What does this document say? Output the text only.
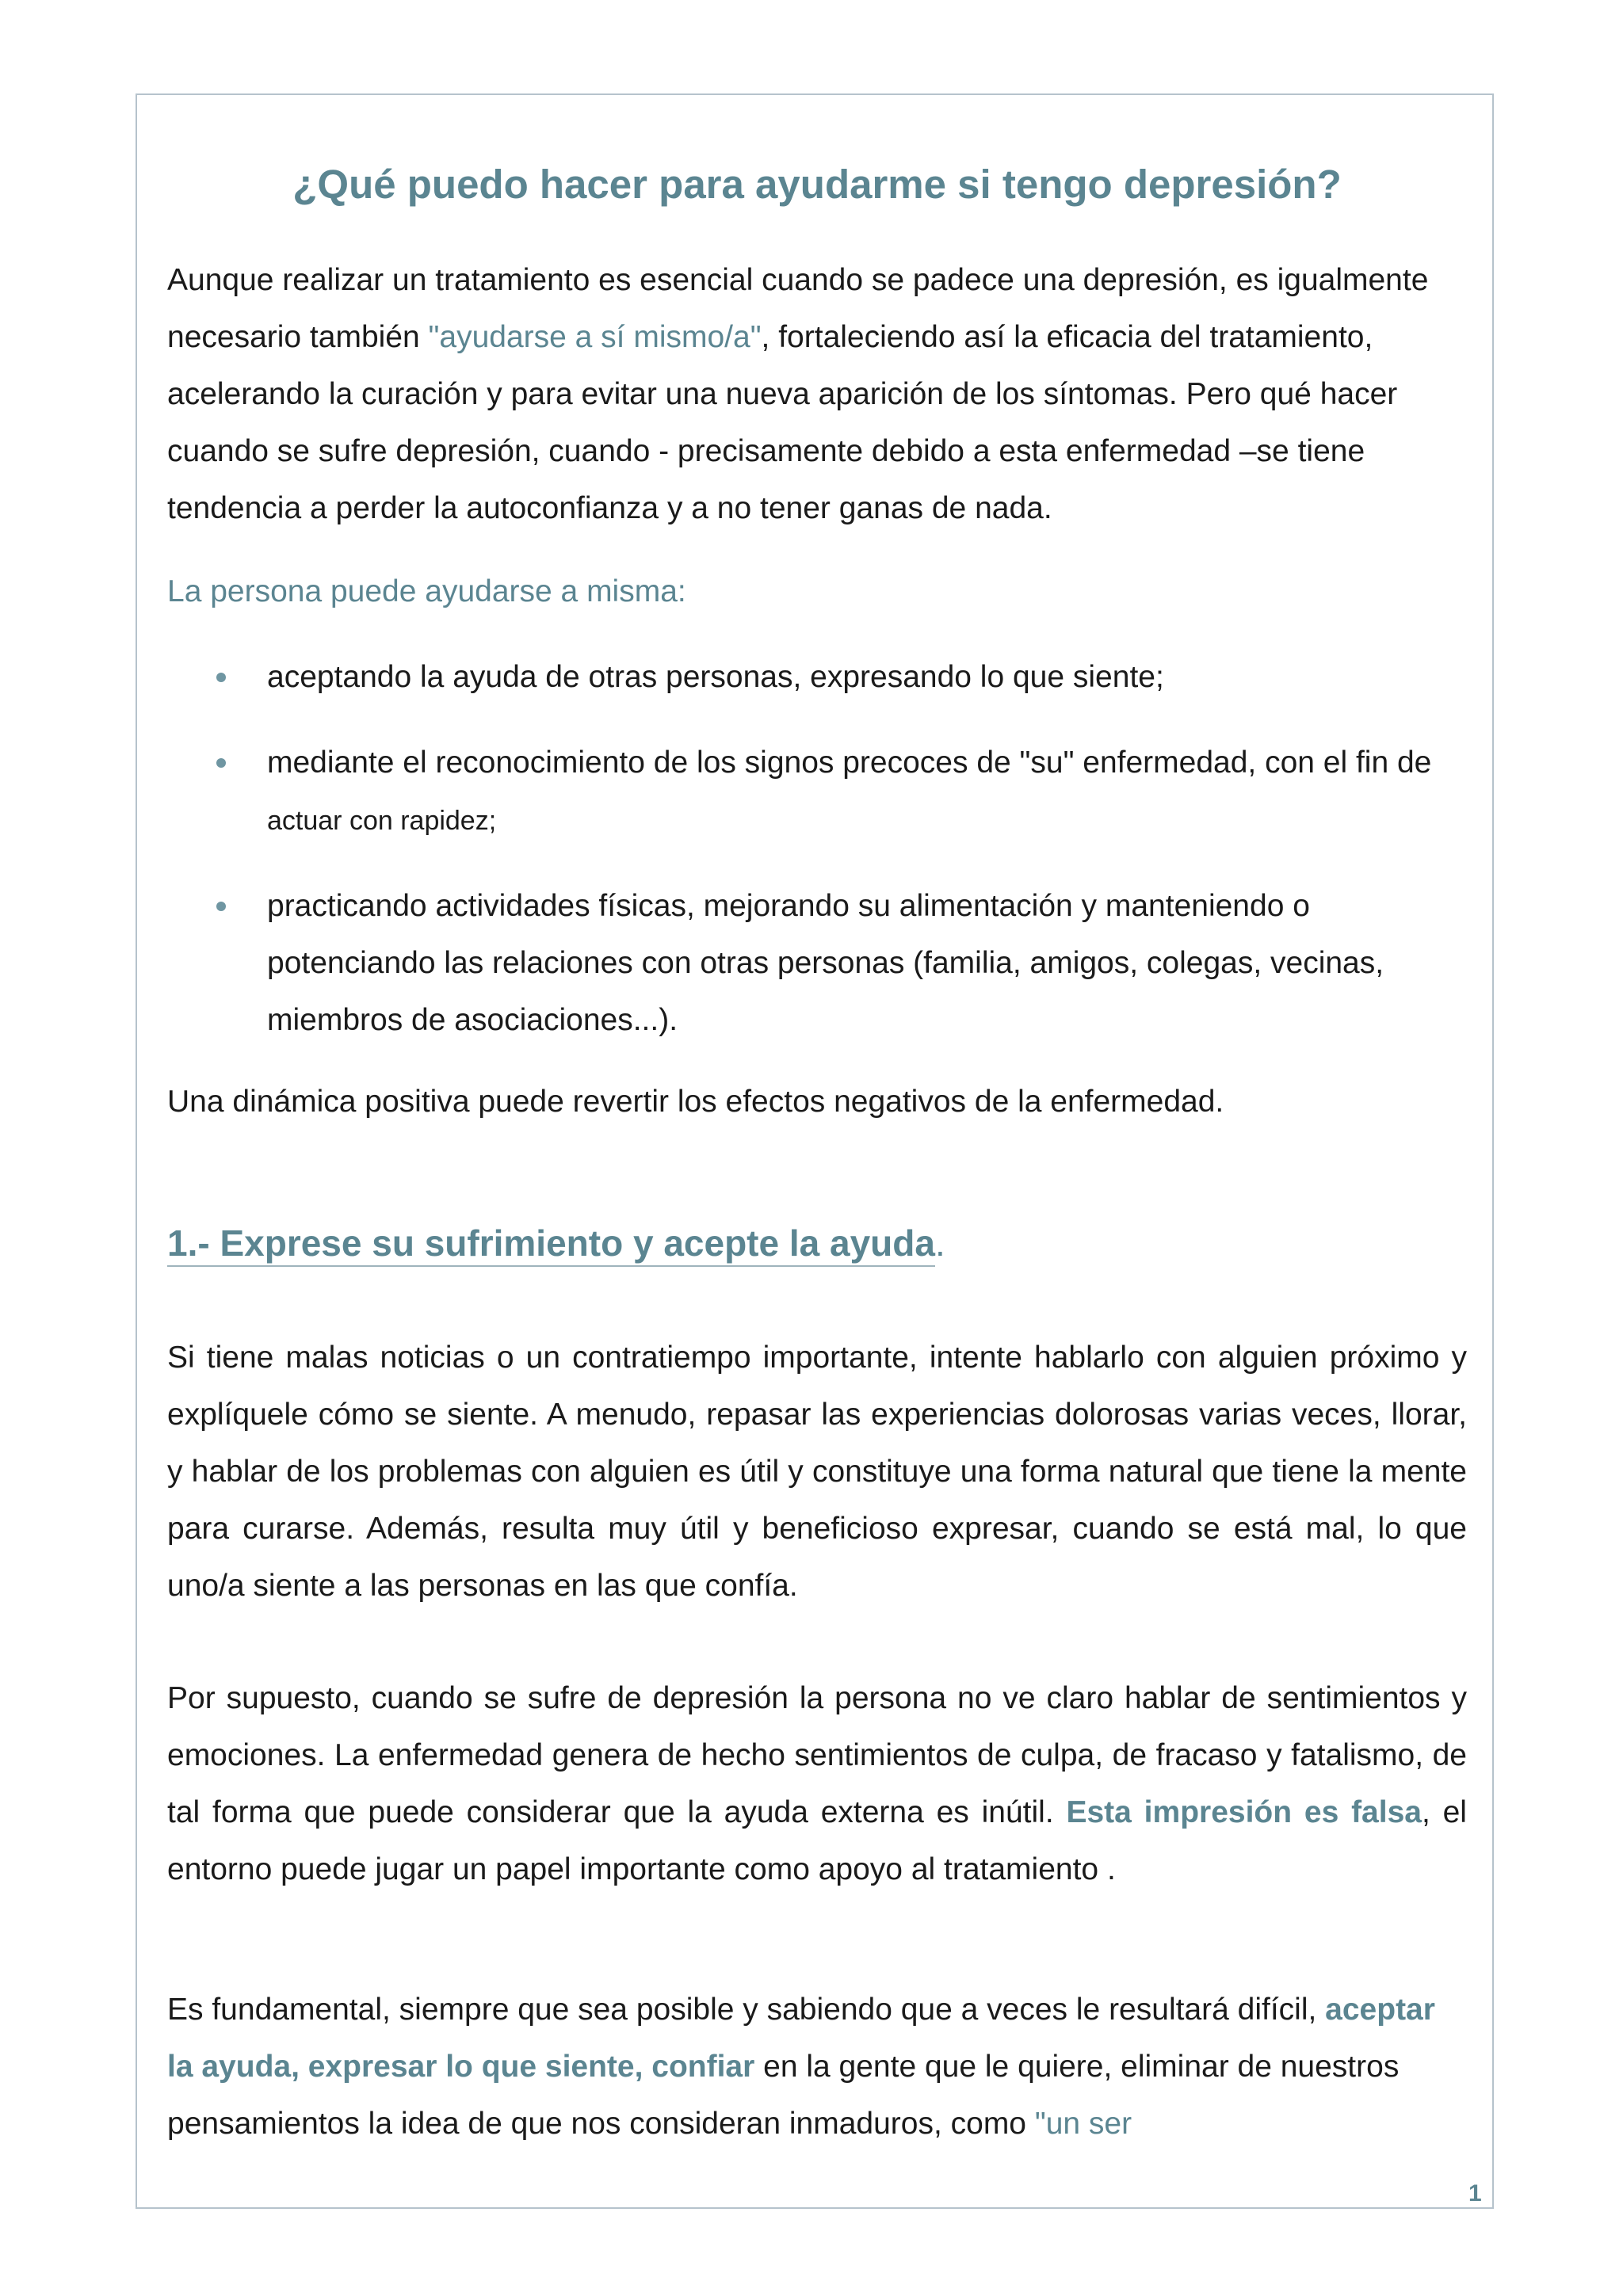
¿Qué puedo hacer para ayudarme si tengo depresión?

Aunque realizar un tratamiento es esencial cuando se padece una depresión, es igualmente necesario también "ayudarse a sí mismo/a", fortaleciendo así la eficacia del tratamiento, acelerando la curación y para evitar una nueva aparición de los síntomas. Pero qué hacer cuando se sufre depresión, cuando - precisamente debido a esta enfermedad –se tiene tendencia a perder la autoconfianza y a no tener ganas de nada.

La persona puede ayudarse a misma:

aceptando la ayuda de otras personas, expresando lo que siente;
mediante el reconocimiento de los signos precoces de "su" enfermedad, con el fin de actuar con rapidez;
practicando actividades físicas, mejorando su alimentación y manteniendo o potenciando las relaciones con otras personas (familia, amigos, colegas, vecinas, miembros de asociaciones...).

Una dinámica positiva puede revertir los efectos negativos de la enfermedad.

1.- Exprese su sufrimiento y acepte la ayuda.

Si tiene malas noticias o un contratiempo importante, intente hablarlo con alguien próximo y explíquele cómo se siente. A menudo, repasar las experiencias dolorosas varias veces, llorar, y hablar de los problemas con alguien es útil y constituye una forma natural que tiene la mente para curarse. Además, resulta muy útil y beneficioso expresar, cuando se está mal, lo que uno/a siente a las personas en las que confía.

Por supuesto, cuando se sufre de depresión la persona no ve claro hablar de sentimientos y emociones. La enfermedad genera de hecho sentimientos de culpa, de fracaso y fatalismo, de tal forma que puede considerar que la ayuda externa es inútil. Esta impresión es falsa, el entorno puede jugar un papel importante como apoyo al tratamiento .

Es fundamental, siempre que sea posible y sabiendo que a veces le resultará difícil, aceptar la ayuda, expresar lo que siente, confiar en la gente que le quiere, eliminar de nuestros pensamientos la idea de que nos consideran inmaduros, como "un ser

1
